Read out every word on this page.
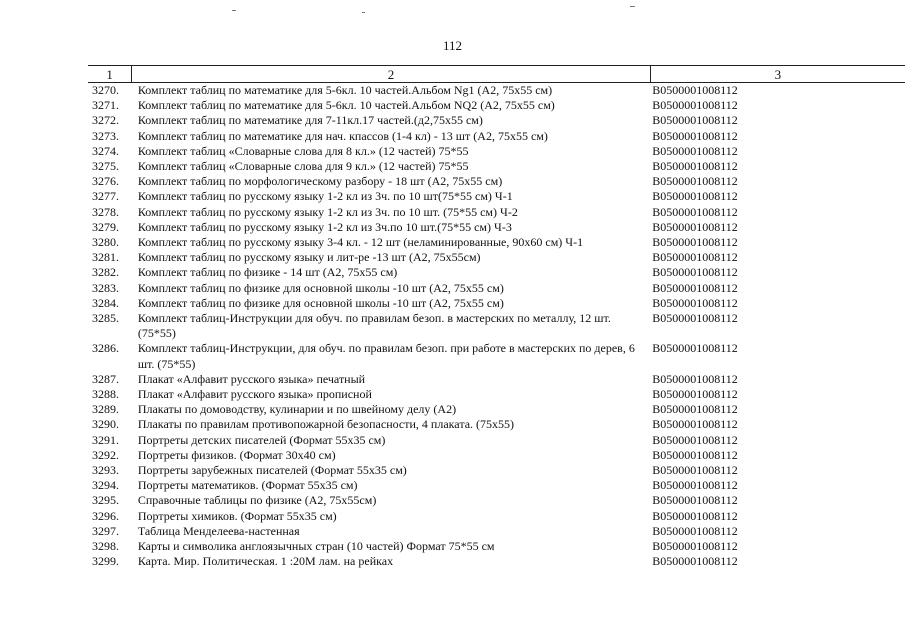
112
1	2	3
3270.	Комплект таблиц по математике для 5-6кл. 10 частей.Альбом Ng1 (A2, 75x55 см)	B0500001008112
3271.	Комплект таблиц по математике для 5-6кл. 10 частей.Альбом NQ2 (A2, 75x55 см)	B0500001008112
3272.	Комплект таблиц по математике для 7-11кл.17 частей.(д2,75x55 см)	B0500001008112
3273.	Комплект таблиц по математике для нач. кпассов (1-4 кл) - 13 шт (A2, 75x55 см)	B0500001008112
3274.	Комплект таблиц «Словарные слова для 8 кл.» (12 частей) 75*55	B0500001008112
3275.	Комплект таблиц «Словарные слова для 9 кл.» (12 частей) 75*55	B0500001008112
3276.	Комплект таблиц по морфологическому разбору - 18 шт (A2, 75x55 см)	B0500001008112
3277.	Комплект таблиц по русскому языку 1-2 кл из 3ч. по 10 шт(75*55 см) Ч-1	B0500001008112
3278.	Комплект таблиц по русскому языку 1-2 кл из 3ч. по 10 шт. (75*55 см) Ч-2	B0500001008112
3279.	Комплект таблиц по русскому языку 1-2 кл из 3ч.по 10 шт.(75*55 см) Ч-3	B0500001008112
3280.	Комплект таблиц по русскому языку 3-4 кл. - 12 шт (неламинированные, 90x60 см) Ч-1	B0500001008112
3281.	Комплект таблиц по русскому языку и лит-ре -13 шт (A2, 75x55см)	B0500001008112
3282.	Комплект таблиц по физике - 14 шт (A2, 75x55 см)	B0500001008112
3283.	Комплект таблиц по физике для основной школы -10 шт (A2, 75x55 см)	B0500001008112
3284.	Комплект таблиц по физике для основной школы -10 шт (A2, 75x55 см)	B0500001008112
3285.	Комплект таблиц-Инструкции для обуч. по правилам безоп. в мастерских по металлу, 12 шт. (75*55)	B0500001008112
3286.	Комплект таблиц-Инструкции, для обуч. по правилам безоп. при работе в мастерских по дерев, 6 шт. (75*55)	B0500001008112
3287.	Плакат «Алфавит русского языка» печатный	B0500001008112
3288.	Плакат «Алфавит русского языка» прописной	B0500001008112
3289.	Плакаты по домоводству, кулинарии и по швейному делу (A2)	B0500001008112
3290.	Плакаты по правилам противопожарной безопасности, 4 плаката. (75x55)	B0500001008112
3291.	Портреты детских писателей (Формат 55x35 см)	B0500001008112
3292.	Портреты физиков. (Формат 30x40 см)	B0500001008112
3293.	Портреты зарубежных писателей (Формат 55x35 см)	B0500001008112
3294.	Портреты математиков. (Формат 55x35 см)	B0500001008112
3295.	Справочные таблицы по физике (A2, 75x55см)	B0500001008112
3296.	Портреты химиков. (Формат 55x35 см)	B0500001008112
3297.	Таблица Менделеева-настенная	B0500001008112
3298.	Карты и символика англоязычных стран (10 частей) Формат 75*55 см	B0500001008112
3299.	Карта. Мир. Политическая. 1 :20М лам. на рейках	B0500001008112
